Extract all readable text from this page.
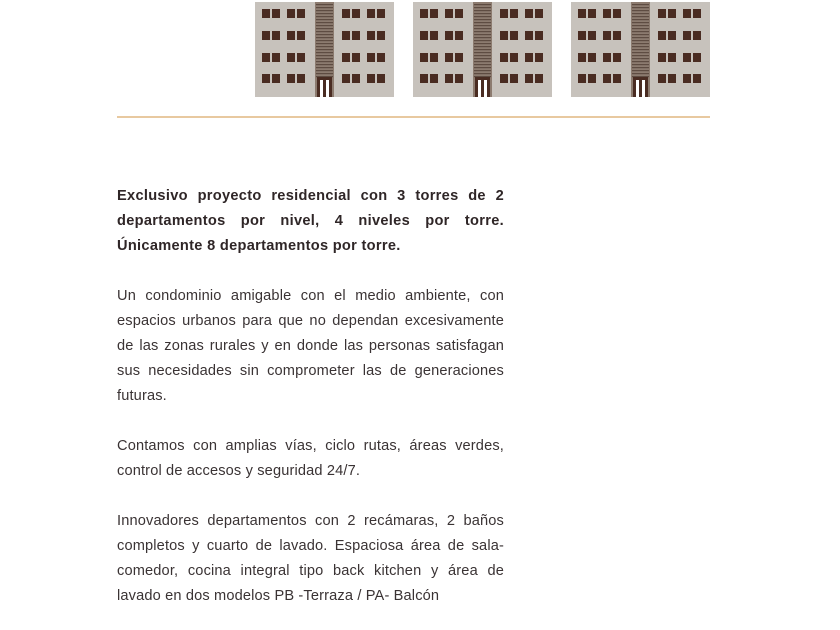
Exclusivo proyecto residencial con 3 torres de 2 departamentos por nivel, 4 niveles por torre. Únicamente 8 departamentos por torre.

Un condominio amigable con el medio ambiente, con espacios urbanos para que no dependan excesivamente de las zonas rurales y en donde las personas satisfagan sus necesidades sin comprometer las de generaciones futuras.

Contamos con amplias vías, ciclo rutas, áreas verdes, control de accesos y seguridad 24/7.

Innovadores departamentos con 2 recámaras, 2 baños completos y cuarto de lavado. Espaciosa área de sala-comedor, cocina integral tipo back kitchen y área de lavado en dos modelos PB -Terraza / PA- Balcón
